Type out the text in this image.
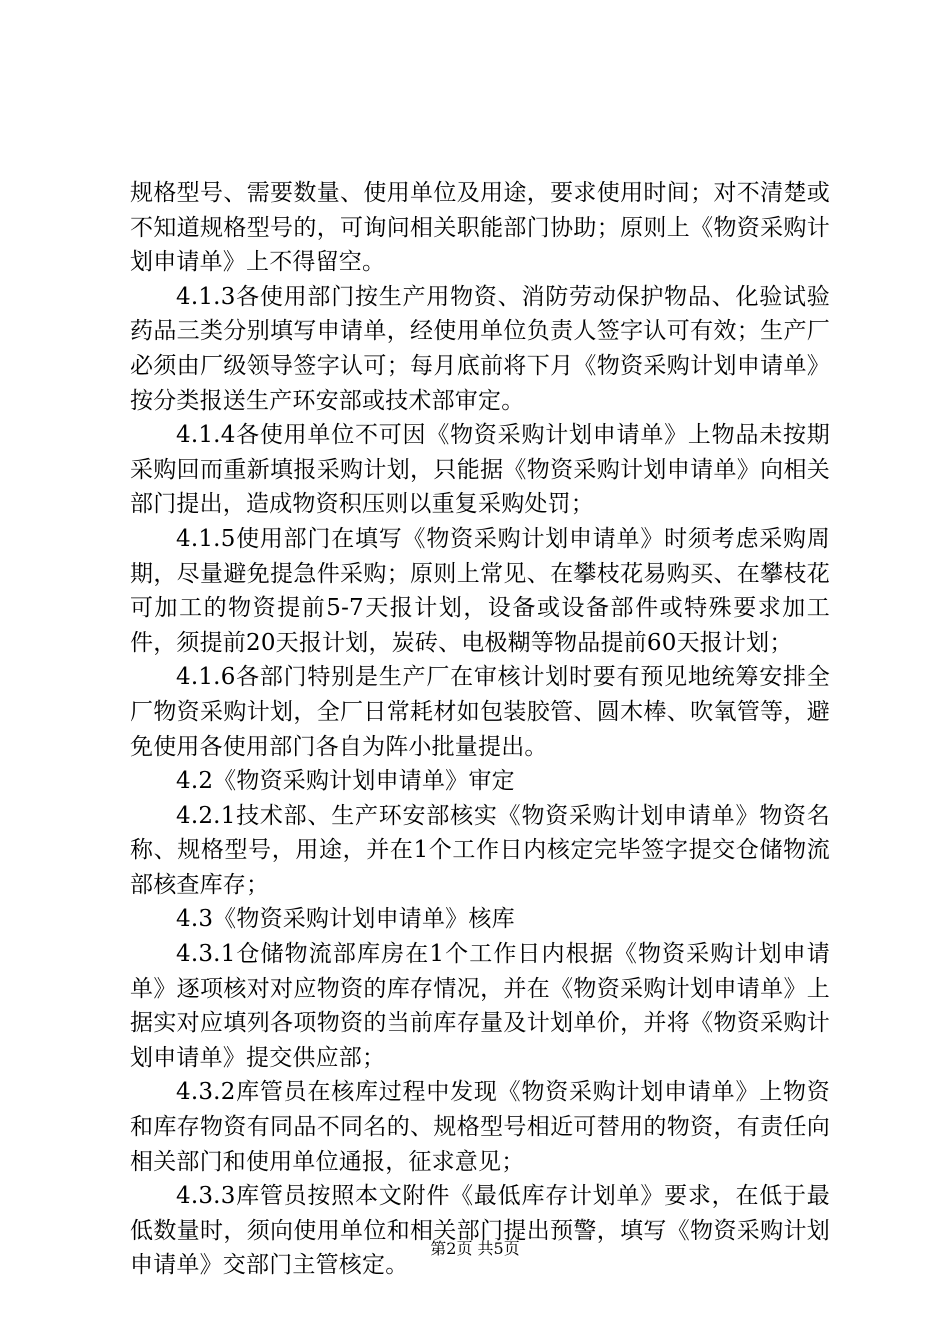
规格型号、需要数量、使用单位及用途，要求使用时间；对不清楚或不知道规格型号的，可询问相关职能部门协助；原则上《物资采购计划申请单》上不得留空。

4.1.3各使用部门按生产用物资、消防劳动保护物品、化验试验药品三类分别填写申请单，经使用单位负责人签字认可有效；生产厂必须由厂级领导签字认可；每月底前将下月《物资采购计划申请单》按分类报送生产环安部或技术部审定。

4.1.4各使用单位不可因《物资采购计划申请单》上物品未按期采购回而重新填报采购计划，只能据《物资采购计划申请单》向相关部门提出，造成物资积压则以重复采购处罚；

4.1.5使用部门在填写《物资采购计划申请单》时须考虑采购周期，尽量避免提急件采购；原则上常见、在攀枝花易购买、在攀枝花可加工的物资提前5-7天报计划，设备或设备部件或特殊要求加工件，须提前20天报计划，炭砖、电极糊等物品提前60天报计划；

4.1.6各部门特别是生产厂在审核计划时要有预见地统筹安排全厂物资采购计划，全厂日常耗材如包装胶管、圆木棒、吹氧管等，避免使用各使用部门各自为阵小批量提出。

4.2《物资采购计划申请单》审定

4.2.1技术部、生产环安部核实《物资采购计划申请单》物资名称、规格型号，用途，并在1个工作日内核定完毕签字提交仓储物流部核查库存；

4.3《物资采购计划申请单》核库

4.3.1仓储物流部库房在1个工作日内根据《物资采购计划申请单》逐项核对对应物资的库存情况，并在《物资采购计划申请单》上据实对应填列各项物资的当前库存量及计划单价，并将《物资采购计划申请单》提交供应部；

4.3.2库管员在核库过程中发现《物资采购计划申请单》上物资和库存物资有同品不同名的、规格型号相近可替用的物资，有责任向相关部门和使用单位通报，征求意见；

4.3.3库管员按照本文附件《最低库存计划单》要求，在低于最低数量时，须向使用单位和相关部门提出预警，填写《物资采购计划申请单》交部门主管核定。

第2页 共5页
